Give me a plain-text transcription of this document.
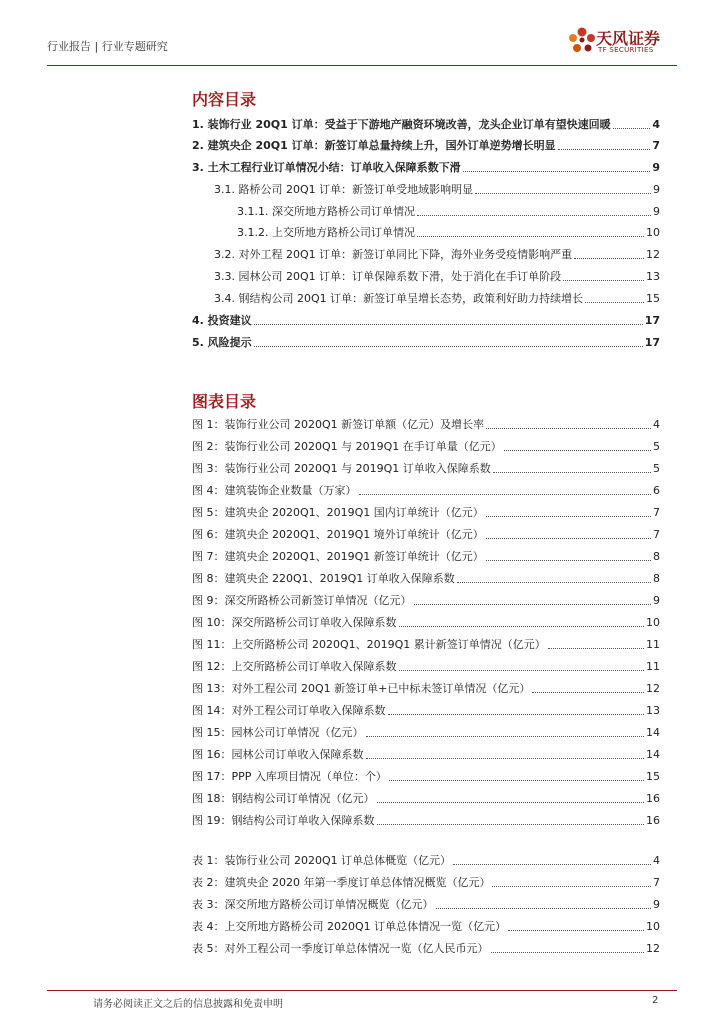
行业报告 | 行业专题研究	天风证券
TF SECURITIES
内容目录
1. 装饰行业 20Q1 订单：受益于下游地产融资环境改善，龙头企业订单有望快速回暖	4
2. 建筑央企 20Q1 订单：新签订单总量持续上升，国外订单逆势增长明显	7
3. 土木工程行业订单情况小结：订单收入保障系数下滑	9
3.1. 路桥公司 20Q1 订单：新签订单受地域影响明显	9
3.1.1. 深交所地方路桥公司订单情况	9
3.1.2. 上交所地方路桥公司订单情况	10
3.2. 对外工程 20Q1 订单：新签订单同比下降，海外业务受疫情影响严重	12
3.3. 园林公司 20Q1 订单：订单保障系数下滑，处于消化在手订单阶段	13
3.4. 钢结构公司 20Q1 订单：新签订单呈增长态势，政策利好助力持续增长	15
4. 投资建议	17
5. 风险提示	17
图表目录
图 1：装饰行业公司 2020Q1 新签订单额（亿元）及增长率	4
图 2：装饰行业公司 2020Q1 与 2019Q1 在手订单量（亿元）	5
图 3：装饰行业公司 2020Q1 与 2019Q1 订单收入保障系数	5
图 4：建筑装饰企业数量（万家）	6
图 5：建筑央企 2020Q1、2019Q1 国内订单统计（亿元）	7
图 6：建筑央企 2020Q1、2019Q1 境外订单统计（亿元）	7
图 7：建筑央企 2020Q1、2019Q1 新签订单统计（亿元）	8
图 8：建筑央企 220Q1、2019Q1 订单收入保障系数	8
图 9：深交所路桥公司新签订单情况（亿元）	9
图 10：深交所路桥公司订单收入保障系数	10
图 11：上交所路桥公司 2020Q1、2019Q1 累计新签订单情况（亿元）	11
图 12：上交所路桥公司订单收入保障系数	11
图 13：对外工程公司 20Q1 新签订单+已中标未签订单情况（亿元）	12
图 14：对外工程公司订单收入保障系数	13
图 15：园林公司订单情况（亿元）	14
图 16：园林公司订单收入保障系数	14
图 17：PPP 入库项目情况（单位：个）	15
图 18：钢结构公司订单情况（亿元）	16
图 19：钢结构公司订单收入保障系数	16
表 1：装饰行业公司 2020Q1 订单总体概览（亿元）	4
表 2：建筑央企 2020 年第一季度订单总体情况概览（亿元）	7
表 3：深交所地方路桥公司订单情况概览（亿元）	9
表 4：上交所地方路桥公司 2020Q1 订单总体情况一览（亿元）	10
表 5：对外工程公司一季度订单总体情况一览（亿人民币元）	12
请务必阅读正文之后的信息披露和免责申明	2
